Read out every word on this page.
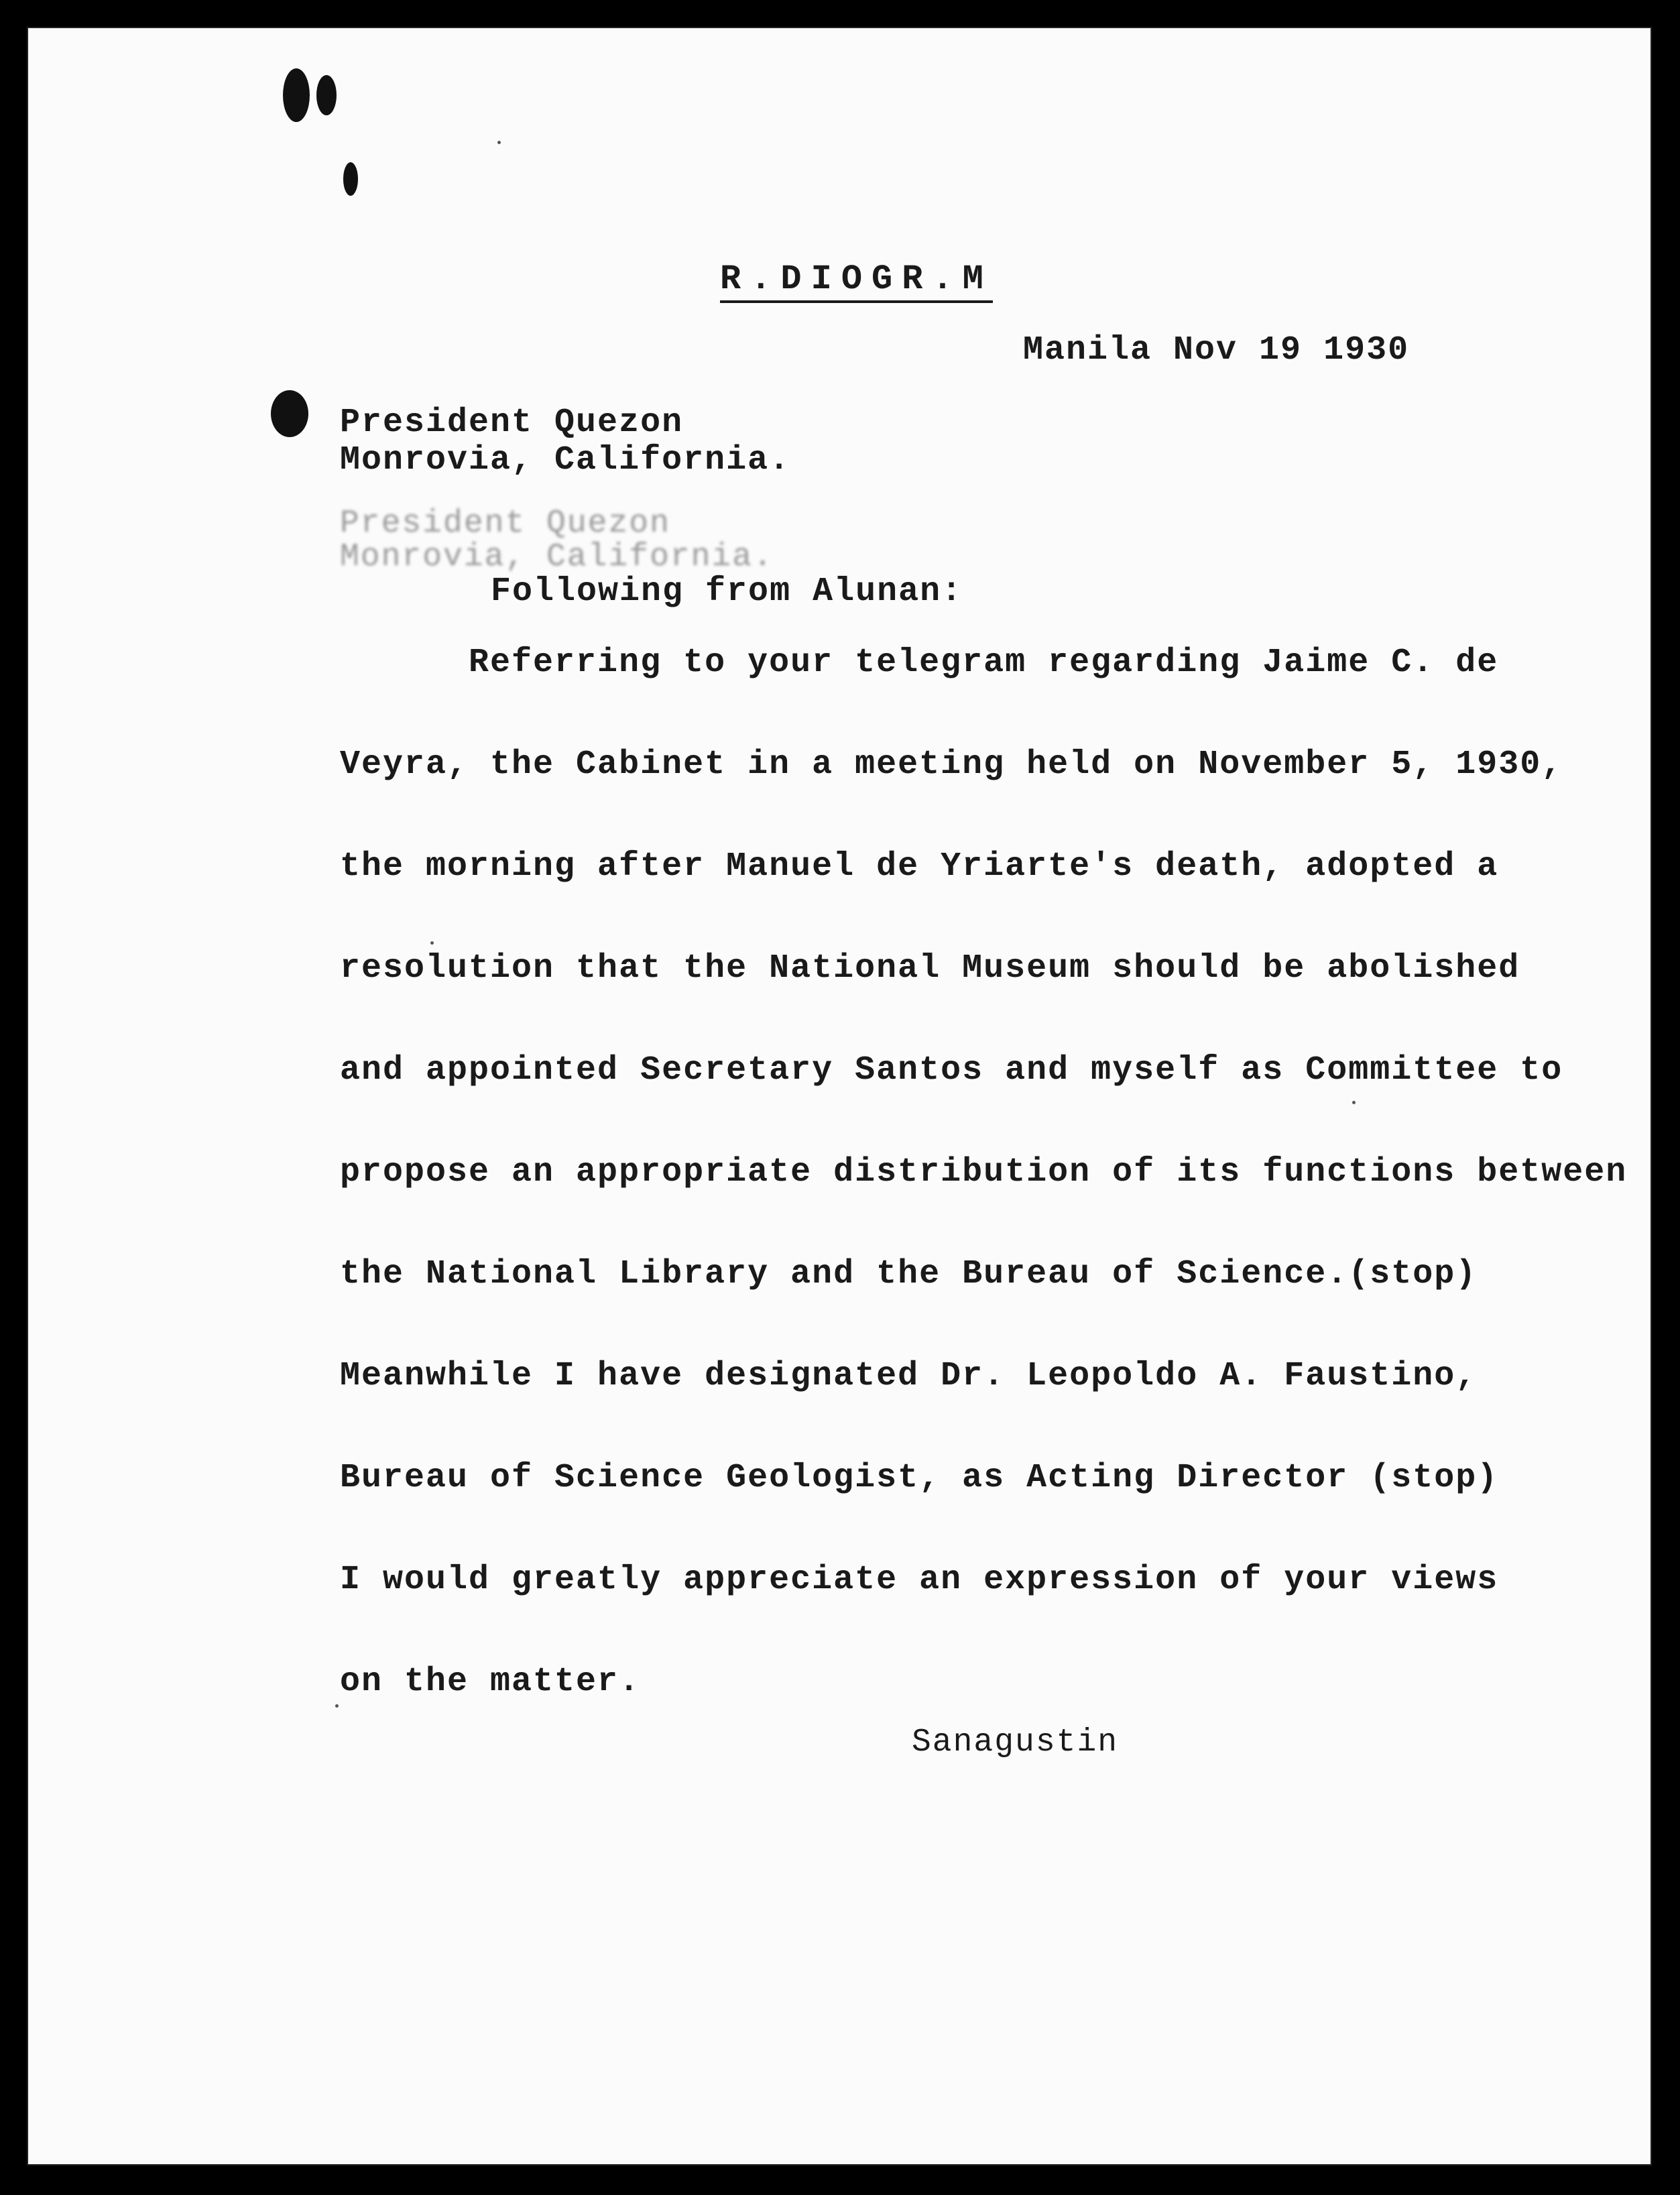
R.DIOGR.M
Manila Nov 19 1930
President Quezon
Monrovia, California.
President Quezon
Monrovia, California.
Following from Alunan:
Referring to your telegram regarding Jaime C. de
Veyra, the Cabinet in a meeting held on November 5, 1930,
the morning after Manuel de Yriarte's death, adopted a
resolution that the National Museum should be abolished
and appointed Secretary Santos and myself as Committee to
propose an appropriate distribution of its functions between
the National Library and the Bureau of Science.(stop)
Meanwhile I have designated Dr. Leopoldo A. Faustino,
Bureau of Science Geologist, as Acting Director (stop)
I would greatly appreciate an expression of your views
on the matter.
Sanagustin
